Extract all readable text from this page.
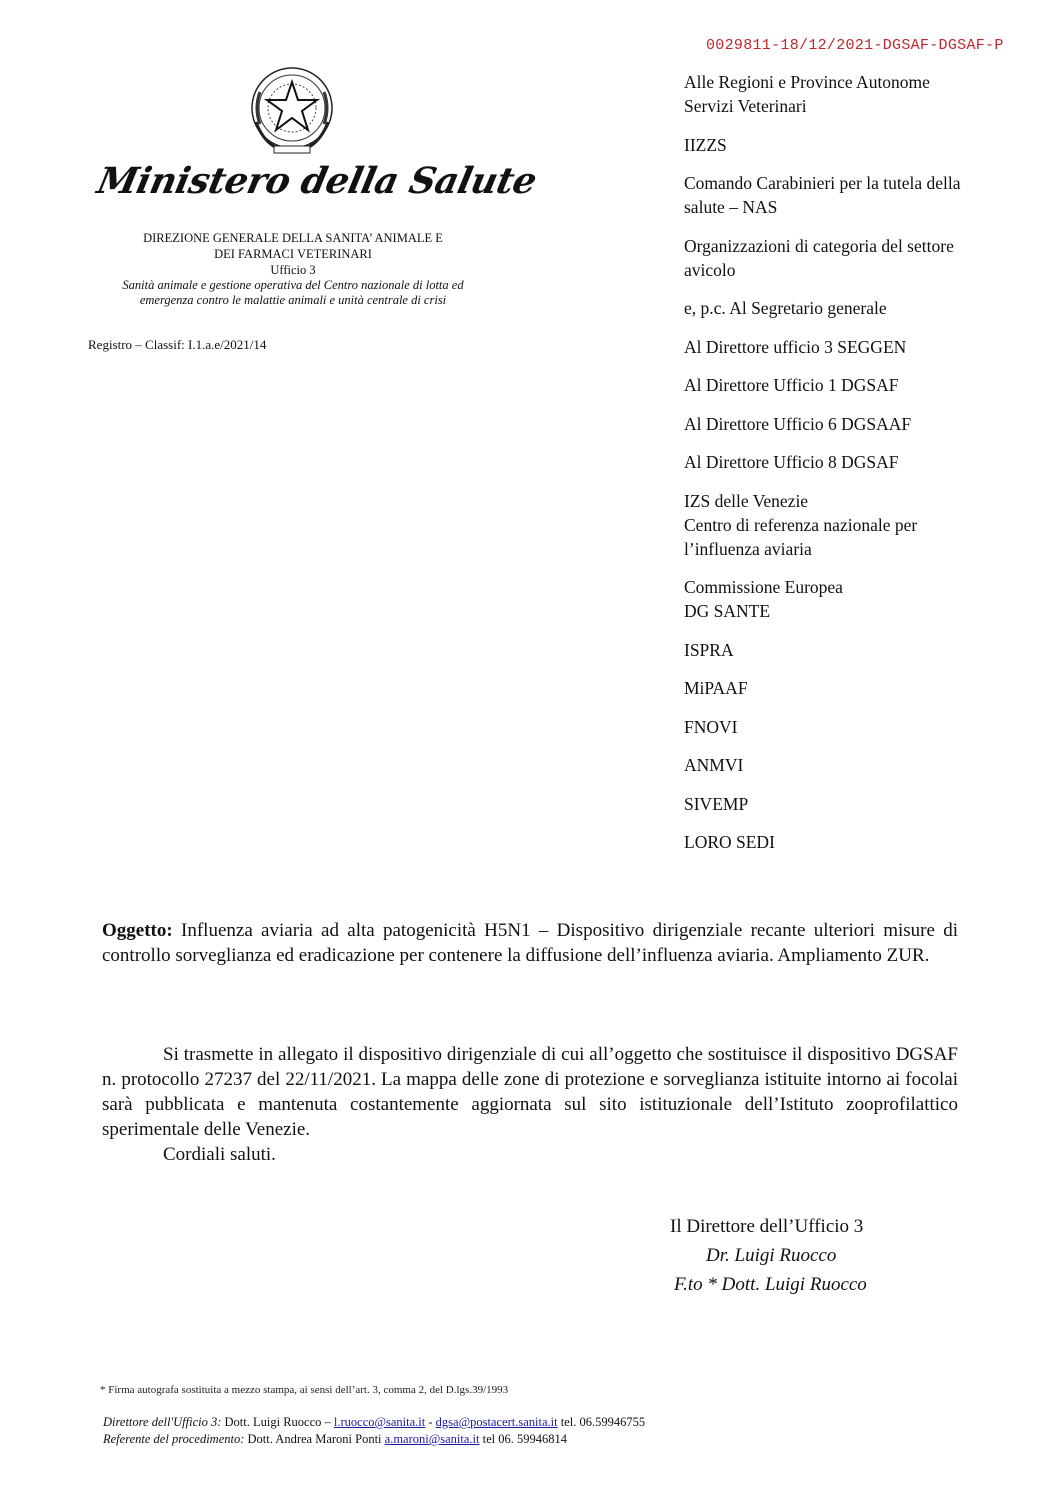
0029811-18/12/2021-DGSAF-DGSAF-P
Ministero della Salute
DIREZIONE GENERALE DELLA SANITA’ ANIMALE E
DEI FARMACI VETERINARI
Ufficio 3
Sanità animale e gestione operativa del Centro nazionale di lotta ed
emergenza contro le malattie animali e unità centrale di crisi
Registro – Classif: I.1.a.e/2021/14
Alle Regioni e Province Autonome
Servizi Veterinari
IIZZS
Comando Carabinieri per la tutela della
salute – NAS
Organizzazioni di categoria del settore
avicolo
e, p.c. Al Segretario generale
Al Direttore ufficio 3 SEGGEN
Al Direttore Ufficio 1 DGSAF
Al Direttore Ufficio 6 DGSAAF
Al Direttore Ufficio 8 DGSAF
IZS delle Venezie
Centro di referenza nazionale per
l’influenza aviaria
Commissione Europea
DG SANTE
ISPRA
MiPAAF
FNOVI
ANMVI
SIVEMP
LORO SEDI
Oggetto: Influenza aviaria ad alta patogenicità H5N1 – Dispositivo dirigenziale recante ulteriori misure di controllo sorveglianza ed eradicazione per contenere la diffusione dell’influenza aviaria. Ampliamento ZUR.

Si trasmette in allegato il dispositivo dirigenziale di cui all’oggetto che sostituisce il dispositivo DGSAF n. protocollo 27237 del 22/11/2021. La mappa delle zone di protezione e sorveglianza istituite intorno ai focolai sarà pubblicata e mantenuta costantemente aggiornata sul sito istituzionale dell’Istituto zooprofilattico sperimentale delle Venezie.

Cordiali saluti.

Il Direttore dell’Ufficio 3
Dr. Luigi Ruocco
F.to * Dott. Luigi Ruocco
* Firma autografa sostituita a mezzo stampa, ai sensi dell’art. 3, comma 2, del D.lgs.39/1993
Direttore dell'Ufficio 3: Dott. Luigi Ruocco – l.ruocco@sanita.it - dgsa@postacert.sanita.it tel. 06.59946755
Referente del procedimento: Dott. Andrea Maroni Ponti a.maroni@sanita.it tel 06. 59946814
